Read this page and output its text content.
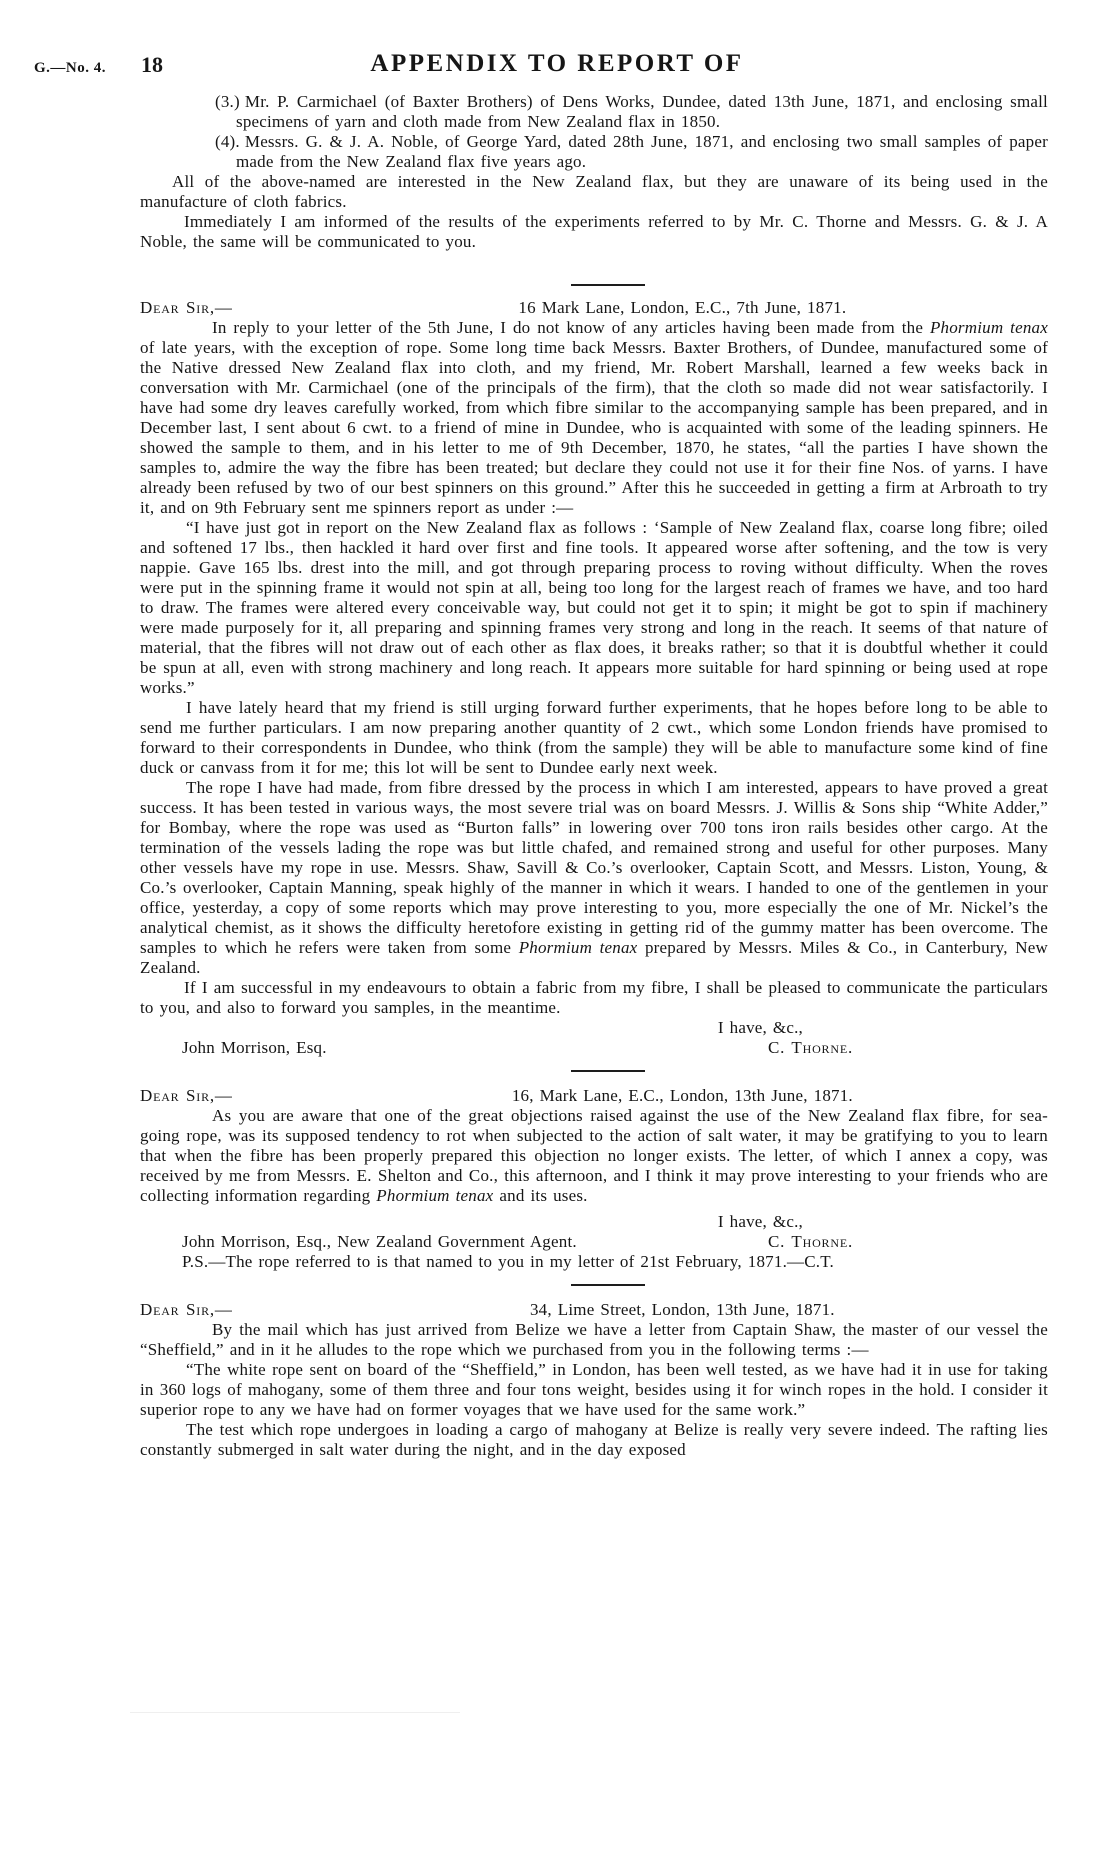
G.—No. 4. 18	APPENDIX TO REPORT OF
(3.) Mr. P. Carmichael (of Baxter Brothers) of Dens Works, Dundee, dated 13th June, 1871, and enclosing small specimens of yarn and cloth made from New Zealand flax in 1850.
(4). Messrs. G. & J. A. Noble, of George Yard, dated 28th June, 1871, and enclosing two small samples of paper made from the New Zealand flax five years ago.

All of the above-named are interested in the New Zealand flax, but they are unaware of its being used in the manufacture of cloth fabrics.

Immediately I am informed of the results of the experiments referred to by Mr. C. Thorne and Messrs. G. & J. A Noble, the same will be communicated to you.

Dear Sir,—	16 Mark Lane, London, E.C., 7th June, 1871.

In reply to your letter of the 5th June, I do not know of any articles having been made from the Phormium tenax of late years, with the exception of rope. Some long time back Messrs. Baxter Brothers, of Dundee, manufactured some of the Native dressed New Zealand flax into cloth, and my friend, Mr. Robert Marshall, learned a few weeks back in conversation with Mr. Carmichael (one of the principals of the firm), that the cloth so made did not wear satisfactorily. I have had some dry leaves carefully worked, from which fibre similar to the accompanying sample has been prepared, and in December last, I sent about 6 cwt. to a friend of mine in Dundee, who is acquainted with some of the leading spinners. He showed the sample to them, and in his letter to me of 9th December, 1870, he states, “all the parties I have shown the samples to, admire the way the fibre has been treated; but declare they could not use it for their fine Nos. of yarns. I have already been refused by two of our best spinners on this ground.” After this he succeeded in getting a firm at Arbroath to try it, and on 9th February sent me spinners report as under :—

“I have just got in report on the New Zealand flax as follows : ‘Sample of New Zealand flax, coarse long fibre; oiled and softened 17 lbs., then hackled it hard over first and fine tools. It appeared worse after softening, and the tow is very nappie. Gave 165 lbs. drest into the mill, and got through preparing process to roving without difficulty. When the roves were put in the spinning frame it would not spin at all, being too long for the largest reach of frames we have, and too hard to draw. The frames were altered every conceivable way, but could not get it to spin; it might be got to spin if machinery were made purposely for it, all preparing and spinning frames very strong and long in the reach. It seems of that nature of material, that the fibres will not draw out of each other as flax does, it breaks rather; so that it is doubtful whether it could be spun at all, even with strong machinery and long reach. It appears more suitable for hard spinning or being used at rope works.”

I have lately heard that my friend is still urging forward further experiments, that he hopes before long to be able to send me further particulars. I am now preparing another quantity of 2 cwt., which some London friends have promised to forward to their correspondents in Dundee, who think (from the sample) they will be able to manufacture some kind of fine duck or canvass from it for me; this lot will be sent to Dundee early next week.

The rope I have had made, from fibre dressed by the process in which I am interested, appears to have proved a great success. It has been tested in various ways, the most severe trial was on board Messrs. J. Willis & Sons ship “White Adder,” for Bombay, where the rope was used as “Burton falls” in lowering over 700 tons iron rails besides other cargo. At the termination of the vessels lading the rope was but little chafed, and remained strong and useful for other purposes. Many other vessels have my rope in use. Messrs. Shaw, Savill & Co.’s overlooker, Captain Scott, and Messrs. Liston, Young, & Co.’s overlooker, Captain Manning, speak highly of the manner in which it wears. I handed to one of the gentlemen in your office, yesterday, a copy of some reports which may prove interesting to you, more especially the one of Mr. Nickel’s the analytical chemist, as it shows the difficulty heretofore existing in getting rid of the gummy matter has been overcome. The samples to which he refers were taken from some Phormium tenax prepared by Messrs. Miles & Co., in Canterbury, New Zealand.

If I am successful in my endeavours to obtain a fabric from my fibre, I shall be pleased to communicate the particulars to you, and also to forward you samples, in the meantime.

I have, &c.,
John Morrison, Esq.	C. Thorne.
Dear Sir,—	16, Mark Lane, E.C., London, 13th June, 1871.

As you are aware that one of the great objections raised against the use of the New Zealand flax fibre, for sea-going rope, was its supposed tendency to rot when subjected to the action of salt water, it may be gratifying to you to learn that when the fibre has been properly prepared this objection no longer exists. The letter, of which I annex a copy, was received by me from Messrs. E. Shelton and Co., this afternoon, and I think it may prove interesting to your friends who are collecting information regarding Phormium tenax and its uses.

I have, &c.,
John Morrison, Esq., New Zealand Government Agent.	C. Thorne.
P.S.—The rope referred to is that named to you in my letter of 21st February, 1871.—C.T.
Dear Sir,—	34, Lime Street, London, 13th June, 1871.

By the mail which has just arrived from Belize we have a letter from Captain Shaw, the master of our vessel the “Sheffield,” and in it he alludes to the rope which we purchased from you in the following terms :—

“The white rope sent on board of the “Sheffield,” in London, has been well tested, as we have had it in use for taking in 360 logs of mahogany, some of them three and four tons weight, besides using it for winch ropes in the hold. I consider it superior rope to any we have had on former voyages that we have used for the same work.”

The test which rope undergoes in loading a cargo of mahogany at Belize is really very severe indeed. The rafting lies constantly submerged in salt water during the night, and in the day exposed
